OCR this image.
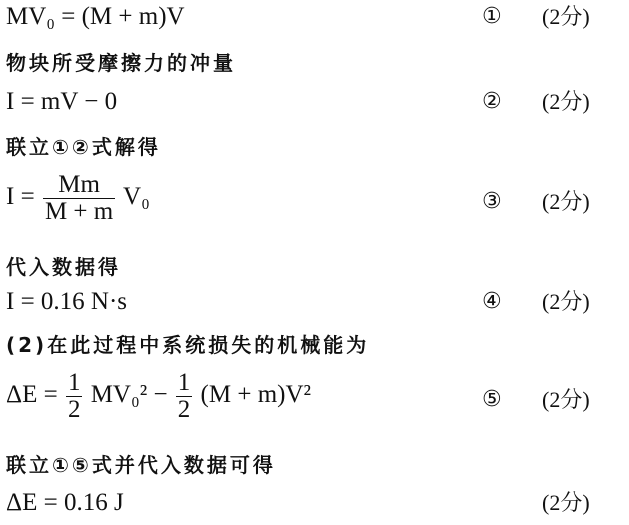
MV₀ = (M + m)V	① (2分)
物块所受摩擦力的冲量
I = mV − 0	② (2分)
联立①②式解得
$I = \frac{Mm}{M + m} V_0$	③ (2分)
代入数据得
I = 0.16 N·s	④ (2分)
(2)在此过程中系统损失的机械能为
$\Delta E = \frac{1}{2} MV_0^2 - \frac{1}{2} (M + m)V^2$	⑤ (2分)
联立①⑤式并代入数据可得
ΔE = 0.16 J	(2分)
